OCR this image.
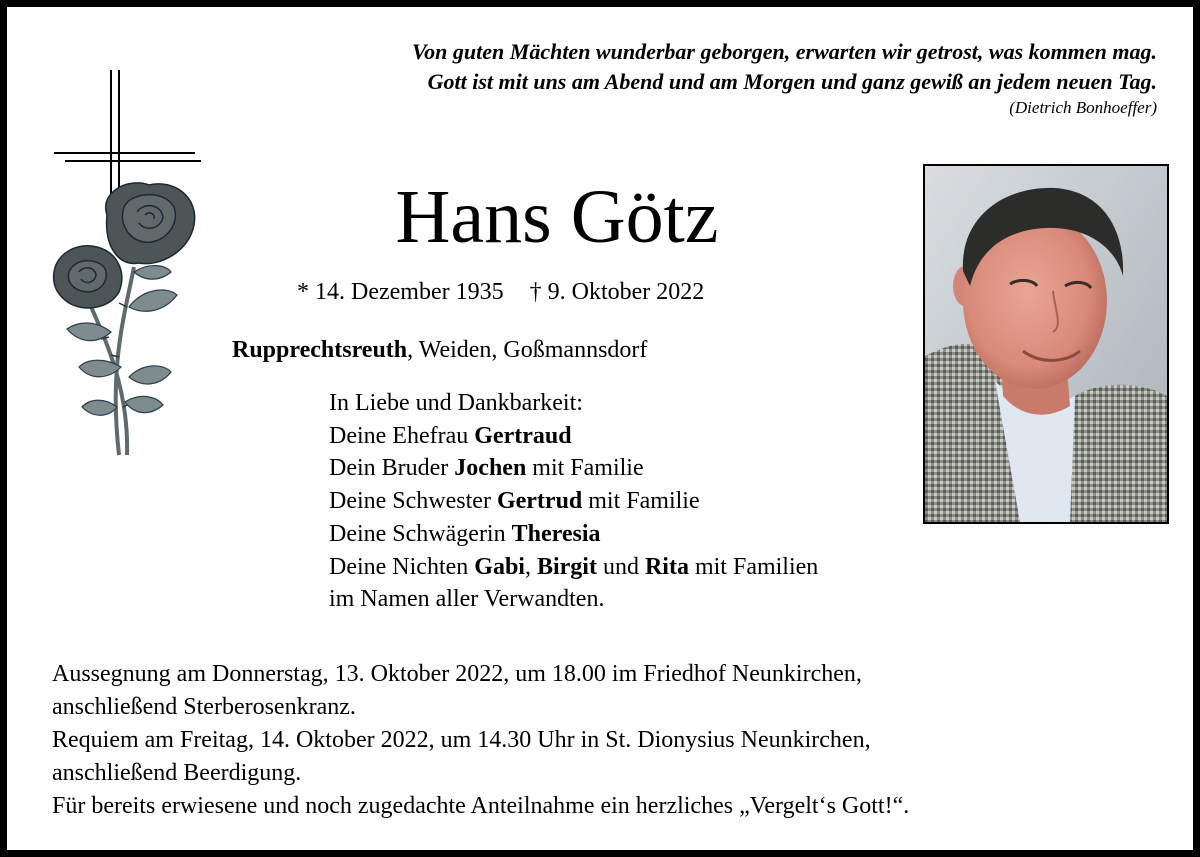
Von guten Mächten wunderbar geborgen, erwarten wir getrost, was kommen mag.
Gott ist mit uns am Abend und am Morgen und ganz gewiß an jedem neuen Tag.
(Dietrich Bonhoeffer)
Hans Götz
* 14. Dezember 1935 † 9. Oktober 2022
Rupprechtsreuth, Weiden, Goßmannsdorf
In Liebe und Dankbarkeit:
Deine Ehefrau Gertraud
Dein Bruder Jochen mit Familie
Deine Schwester Gertrud mit Familie
Deine Schwägerin Theresia
Deine Nichten Gabi, Birgit und Rita mit Familien
im Namen aller Verwandten.
Aussegnung am Donnerstag, 13. Oktober 2022, um 18.00 im Friedhof Neunkirchen,
anschließend Sterberosenkranz.
Requiem am Freitag, 14. Oktober 2022, um 14.30 Uhr in St. Dionysius Neunkirchen,
anschließend Beerdigung.
Für bereits erwiesene und noch zugedachte Anteilnahme ein herzliches „Vergelt‘s Gott!“.
